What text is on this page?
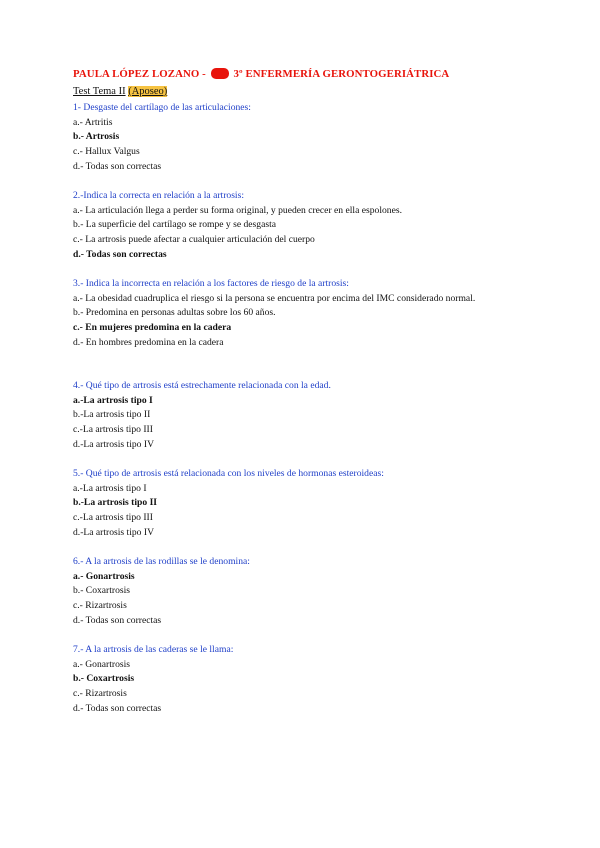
PAULA LÓPEZ LOZANO -	3º ENFERMERÍA GERONTOGERIÁTRICA
Test Tema II (Aposeo)
1- Desgaste del cartílago de las articulaciones:
a.- Artritis
b.- Artrosis
c.- Hallux Valgus
d.- Todas son correctas
2.-Indica la correcta en relación a la artrosis:
a.- La articulación llega a perder su forma original, y pueden crecer en ella espolones.
b.- La superficie del cartílago se rompe y se desgasta
c.- La artrosis puede afectar a cualquier articulación del cuerpo
d.- Todas son correctas
3.- Indica la incorrecta en relación a los factores de riesgo de la artrosis:
a.- La obesidad cuadruplica el riesgo si la persona se encuentra por encima del IMC considerado normal.
b.- Predomina en personas adultas sobre los 60 años.
c.- En mujeres predomina en la cadera
d.- En hombres predomina en la cadera
4.- Qué tipo de artrosis está estrechamente relacionada con la edad.
a.-La artrosis tipo I
b.-La artrosis tipo II
c.-La artrosis tipo III
d.-La artrosis tipo IV
5.- Qué tipo de artrosis está relacionada con los niveles de hormonas esteroideas:
a.-La artrosis tipo I
b.-La artrosis tipo II
c.-La artrosis tipo III
d.-La artrosis tipo IV
6.- A la artrosis de las rodillas se le denomina:
a.- Gonartrosis
b.- Coxartrosis
c.- Rizartrosis
d.- Todas son correctas
7.- A la artrosis de las caderas se le llama:
a.- Gonartrosis
b.- Coxartrosis
c.- Rizartrosis
d.- Todas son correctas
